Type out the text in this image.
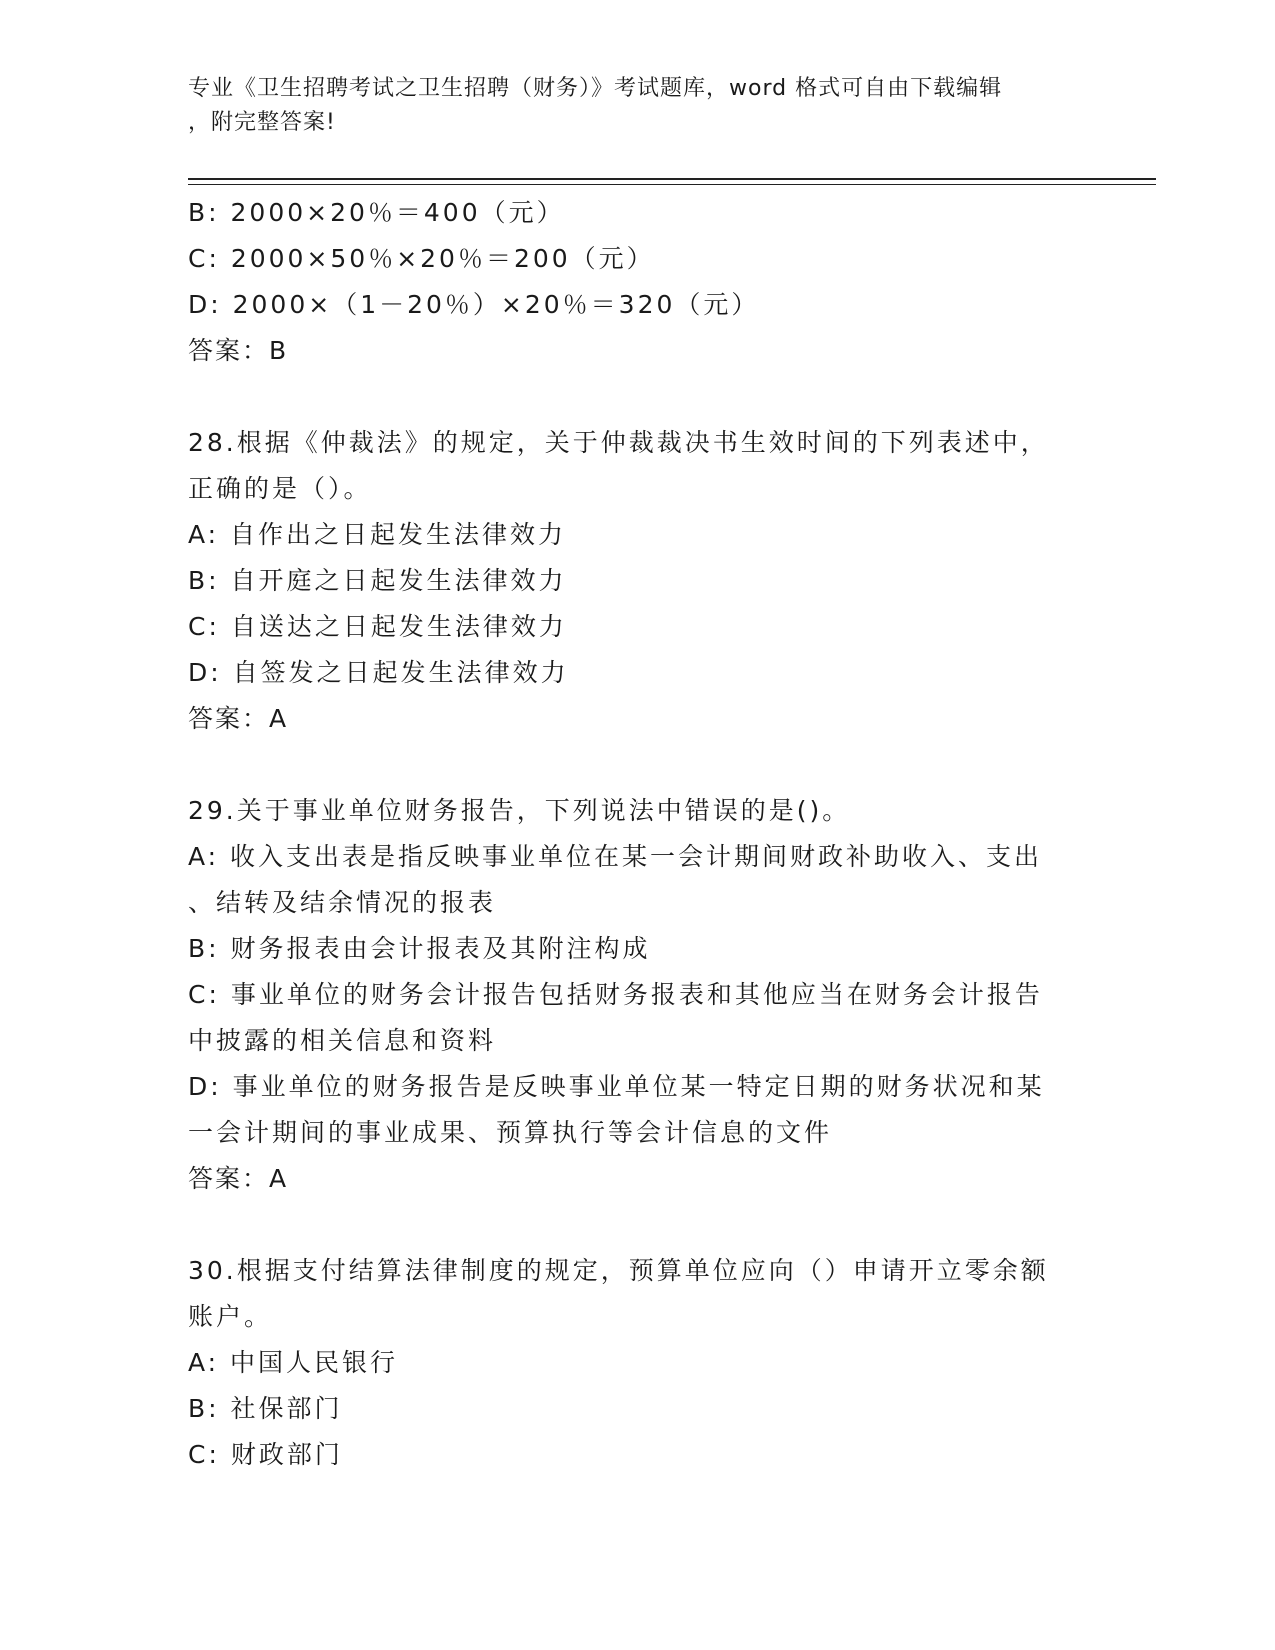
专业《卫生招聘考试之卫生招聘（财务）》考试题库，word 格式可自由下载编辑
，附完整答案!
B: 2000×20％＝400（元）
C: 2000×50％×20％＝200（元）
D: 2000×（1－20％）×20％＝320（元）
答案：B
28.根据《仲裁法》的规定，关于仲裁裁决书生效时间的下列表述中，
正确的是（）。
A: 自作出之日起发生法律效力
B: 自开庭之日起发生法律效力
C: 自送达之日起发生法律效力
D: 自签发之日起发生法律效力
答案：A
29.关于事业单位财务报告，下列说法中错误的是()。
A: 收入支出表是指反映事业单位在某一会计期间财政补助收入、支出
、结转及结余情况的报表
B: 财务报表由会计报表及其附注构成
C: 事业单位的财务会计报告包括财务报表和其他应当在财务会计报告
中披露的相关信息和资料
D: 事业单位的财务报告是反映事业单位某一特定日期的财务状况和某
一会计期间的事业成果、预算执行等会计信息的文件
答案：A
30.根据支付结算法律制度的规定，预算单位应向（）申请开立零余额
账户。
A: 中国人民银行
B: 社保部门
C: 财政部门
